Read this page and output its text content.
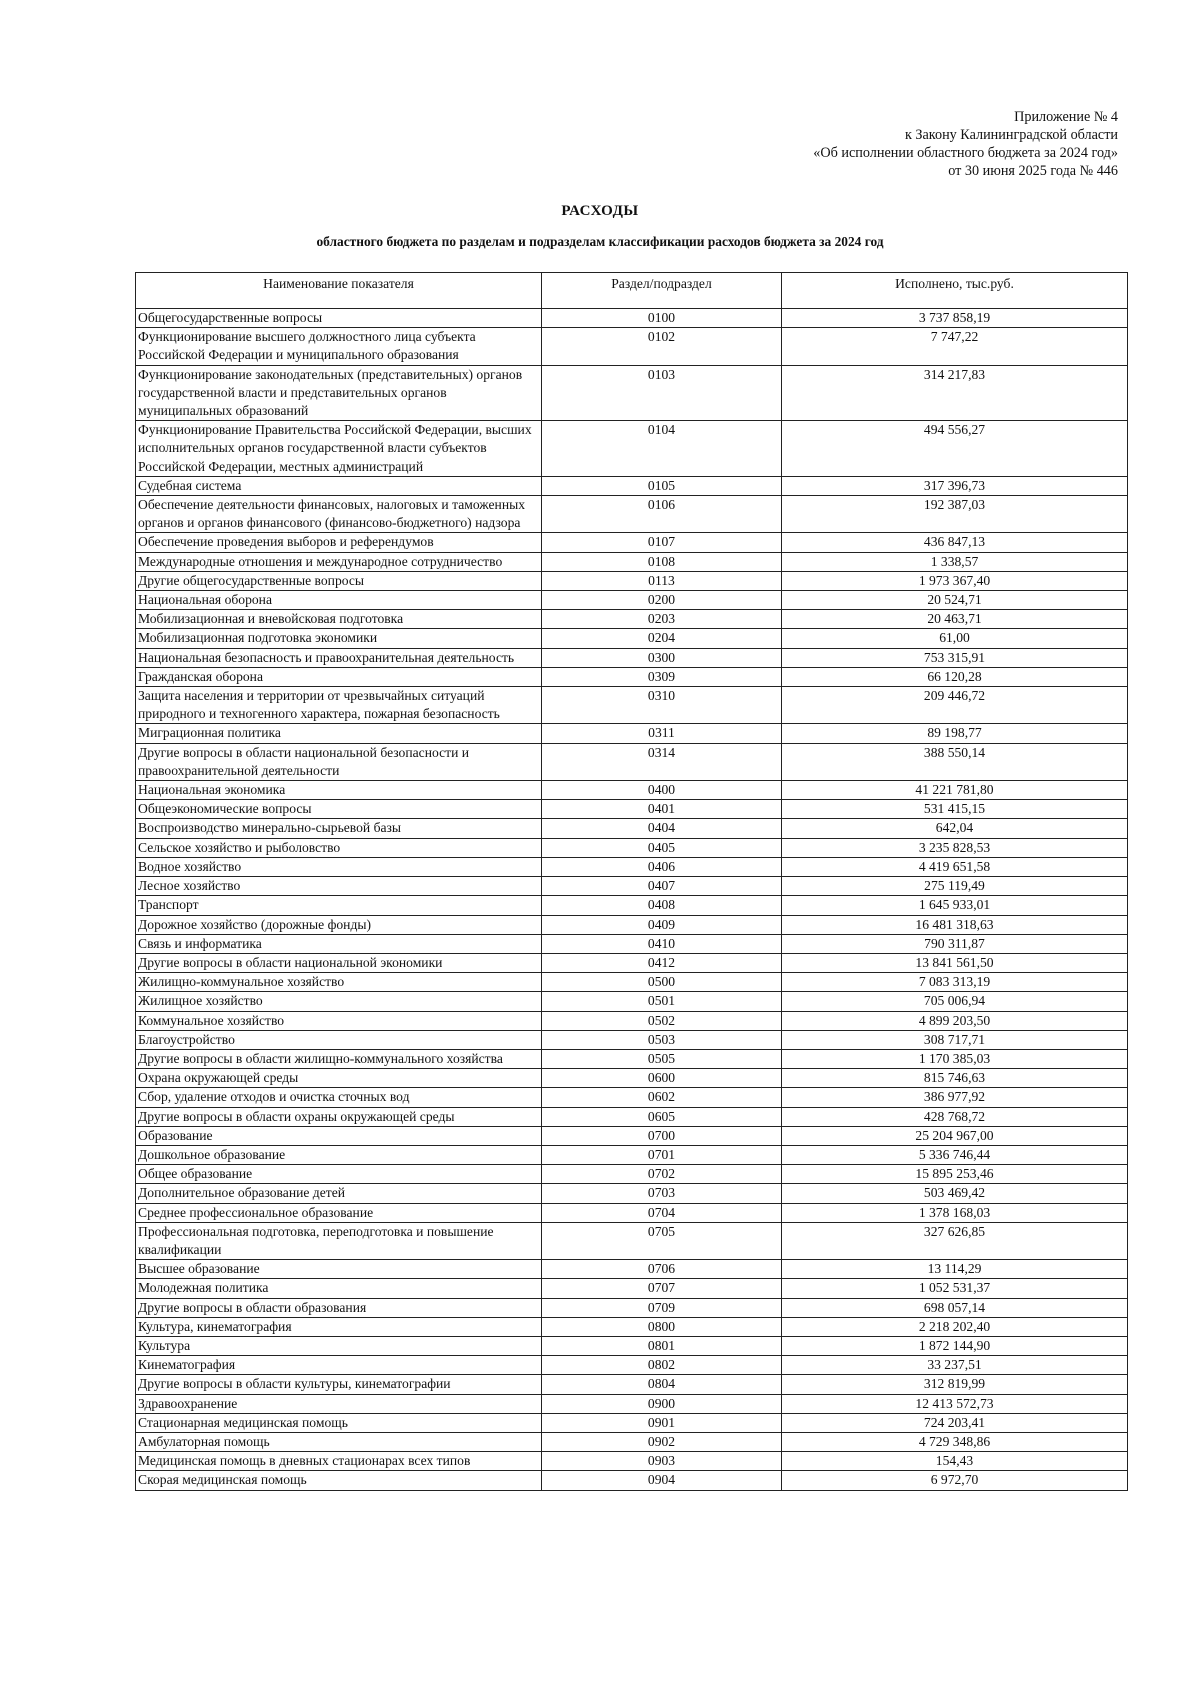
Приложение № 4
к Закону Калининградской области
«Об исполнении областного бюджета за 2024 год»
от 30 июня 2025 года № 446
РАСХОДЫ
областного бюджета по разделам и подразделам классификации расходов бюджета за 2024 год
Наименование показателя	Раздел/подраздел	Исполнено, тыс.руб.
Общегосударственные вопросы	0100	3 737 858,19
Функционирование высшего должностного лица субъекта Российской Федерации и муниципального образования	0102	7 747,22
Функционирование законодательных (представительных) органов государственной власти и представительных органов муниципальных образований	0103	314 217,83
Функционирование Правительства Российской Федерации, высших исполнительных органов государственной власти субъектов Российской Федерации, местных администраций	0104	494 556,27
Судебная система	0105	317 396,73
Обеспечение деятельности финансовых, налоговых и таможенных органов и органов финансового (финансово-бюджетного) надзора	0106	192 387,03
Обеспечение проведения выборов и референдумов	0107	436 847,13
Международные отношения и международное сотрудничество	0108	1 338,57
Другие общегосударственные вопросы	0113	1 973 367,40
Национальная оборона	0200	20 524,71
Мобилизационная и вневойсковая подготовка	0203	20 463,71
Мобилизационная подготовка экономики	0204	61,00
Национальная безопасность и правоохранительная деятельность	0300	753 315,91
Гражданская оборона	0309	66 120,28
Защита населения и территории от чрезвычайных ситуаций природного и техногенного характера, пожарная безопасность	0310	209 446,72
Миграционная политика	0311	89 198,77
Другие вопросы в области национальной безопасности и правоохранительной деятельности	0314	388 550,14
Национальная экономика	0400	41 221 781,80
Общеэкономические вопросы	0401	531 415,15
Воспроизводство минерально-сырьевой базы	0404	642,04
Сельское хозяйство и рыболовство	0405	3 235 828,53
Водное хозяйство	0406	4 419 651,58
Лесное хозяйство	0407	275 119,49
Транспорт	0408	1 645 933,01
Дорожное хозяйство (дорожные фонды)	0409	16 481 318,63
Связь и информатика	0410	790 311,87
Другие вопросы в области национальной экономики	0412	13 841 561,50
Жилищно-коммунальное хозяйство	0500	7 083 313,19
Жилищное хозяйство	0501	705 006,94
Коммунальное хозяйство	0502	4 899 203,50
Благоустройство	0503	308 717,71
Другие вопросы в области жилищно-коммунального хозяйства	0505	1 170 385,03
Охрана окружающей среды	0600	815 746,63
Сбор, удаление отходов и очистка сточных вод	0602	386 977,92
Другие вопросы в области охраны окружающей среды	0605	428 768,72
Образование	0700	25 204 967,00
Дошкольное образование	0701	5 336 746,44
Общее образование	0702	15 895 253,46
Дополнительное образование детей	0703	503 469,42
Среднее профессиональное образование	0704	1 378 168,03
Профессиональная подготовка, переподготовка и повышение квалификации	0705	327 626,85
Высшее образование	0706	13 114,29
Молодежная политика	0707	1 052 531,37
Другие вопросы в области образования	0709	698 057,14
Культура, кинематография	0800	2 218 202,40
Культура	0801	1 872 144,90
Кинематография	0802	33 237,51
Другие вопросы в области культуры, кинематографии	0804	312 819,99
Здравоохранение	0900	12 413 572,73
Стационарная медицинская помощь	0901	724 203,41
Амбулаторная помощь	0902	4 729 348,86
Медицинская помощь в дневных стационарах всех типов	0903	154,43
Скорая медицинская помощь	0904	6 972,70
